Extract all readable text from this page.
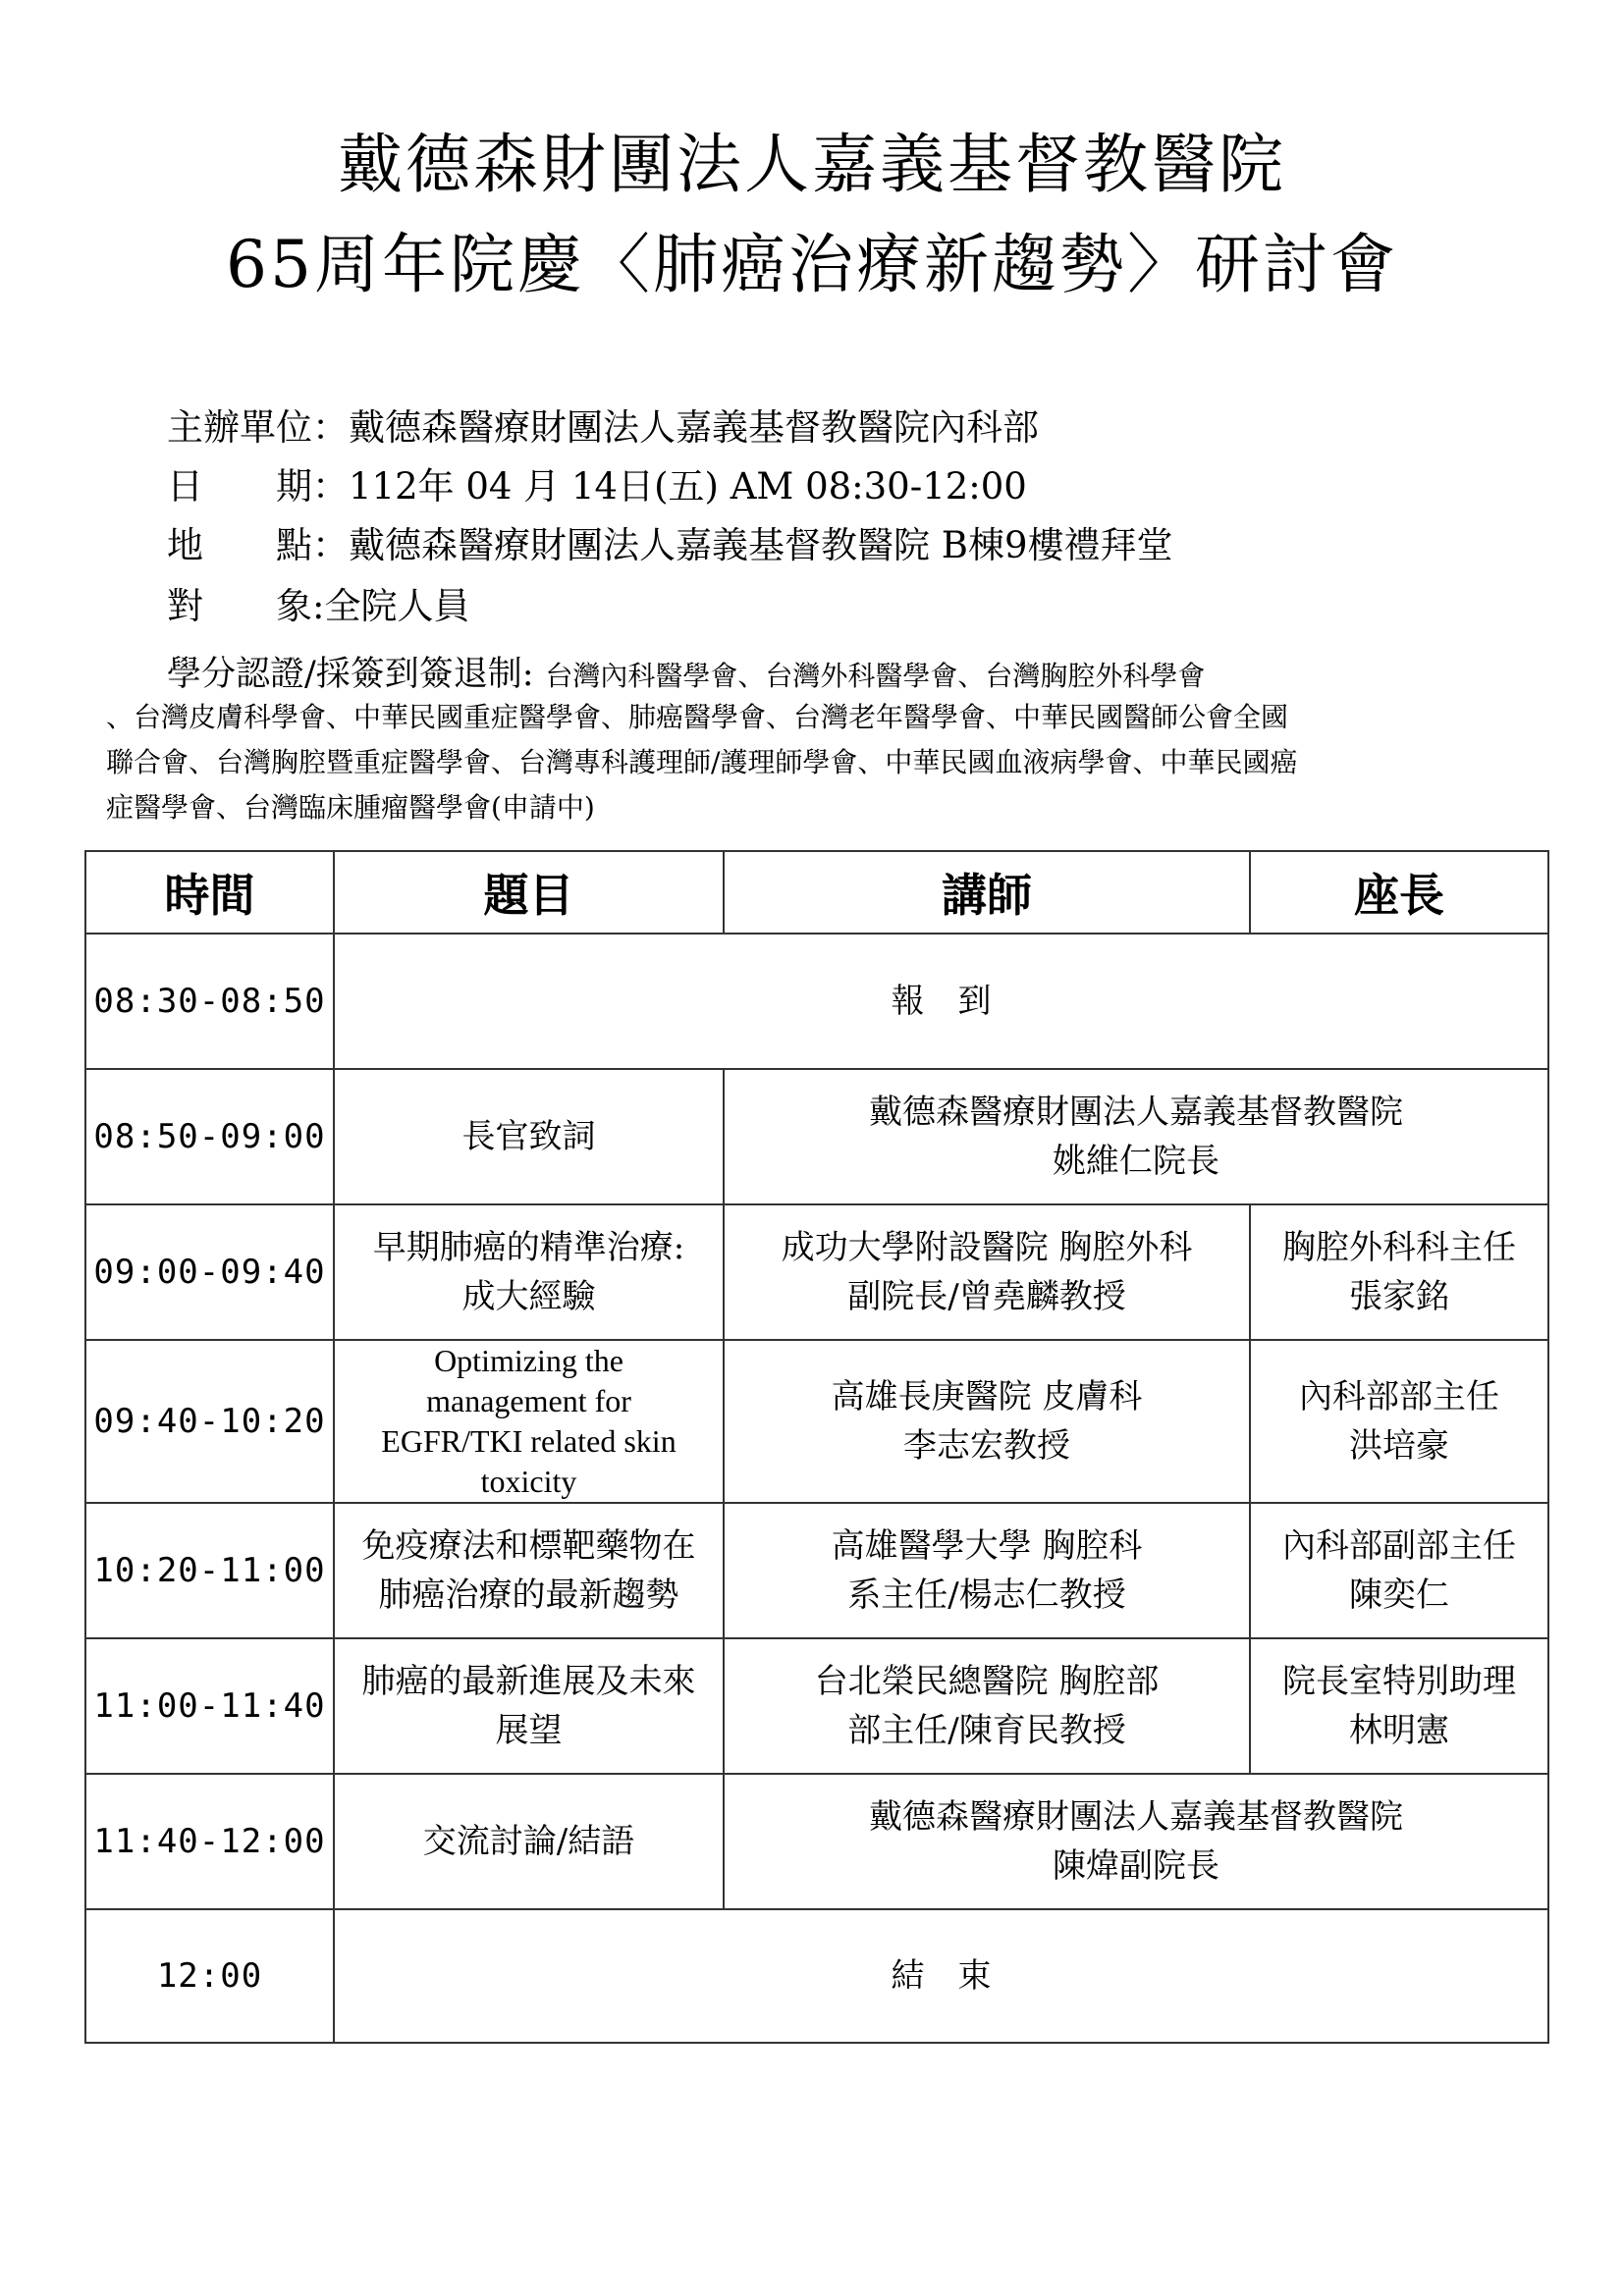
戴德森財團法人嘉義基督教醫院
65周年院慶〈肺癌治療新趨勢〉研討會
主辦單位：戴德森醫療財團法人嘉義基督教醫院內科部
日　　期：112年 04 月 14日(五) AM 08:30-12:00
地　　點：戴德森醫療財團法人嘉義基督教醫院 B棟9樓禮拜堂
對　　象:全院人員
學分認證/採簽到簽退制: 台灣內科醫學會、台灣外科醫學會、台灣胸腔外科學會
、台灣皮膚科學會、中華民國重症醫學會、肺癌醫學會、台灣老年醫學會、中華民國醫師公會全國
聯合會、台灣胸腔暨重症醫學會、台灣專科護理師/護理師學會、中華民國血液病學會、中華民國癌
症醫學會、台灣臨床腫瘤醫學會(申請中)
時間	題目	講師	座長
08:30-08:50	報　到		
08:50-09:00	長官致詞	戴德森醫療財團法人嘉義基督教醫院
姚維仁院長	

09:00-09:40	早期肺癌的精準治療:
成大經驗	成功大學附設醫院 胸腔外科
副院長/曾堯麟教授	胸腔外科科主任
張家銘

09:40-10:20	Optimizing the
management for
EGFR/TKI related skin
toxicity	高雄長庚醫院 皮膚科
李志宏教授	內科部部主任
洪培豪

10:20-11:00	免疫療法和標靶藥物在
肺癌治療的最新趨勢	高雄醫學大學 胸腔科
系主任/楊志仁教授	內科部副部主任
陳奕仁

11:00-11:40	肺癌的最新進展及未來
展望	台北榮民總醫院 胸腔部
部主任/陳育民教授	院長室特別助理
林明憲

11:40-12:00	交流討論/結語	戴德森醫療財團法人嘉義基督教醫院
陳煒副院長	

12:00	結　束		
